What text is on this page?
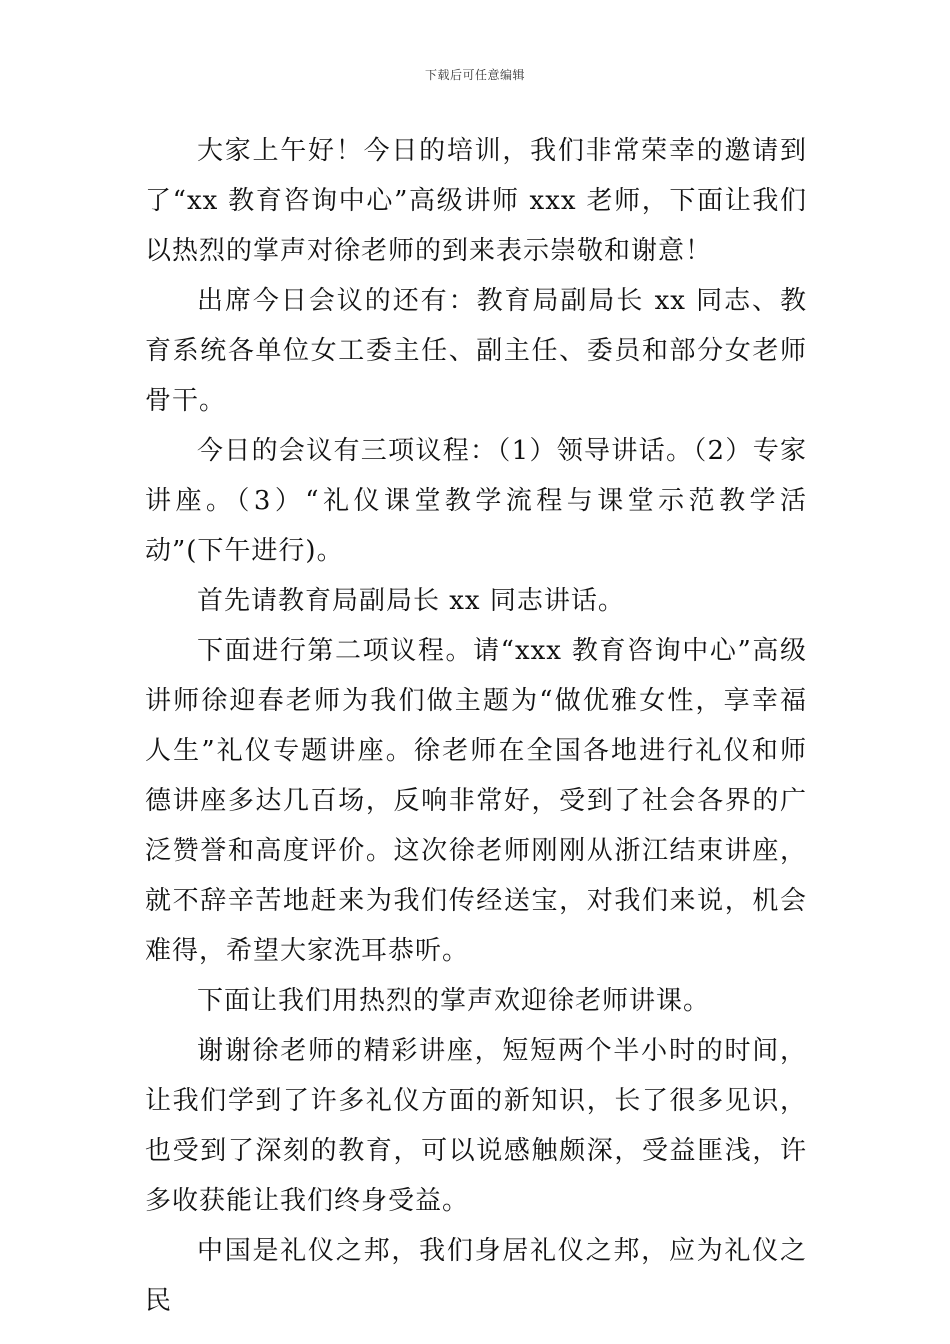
下载后可任意编辑

大家上午好！今日的培训，我们非常荣幸的邀请到了“xx 教育咨询中心”高级讲师 xxx 老师，下面让我们以热烈的掌声对徐老师的到来表示崇敬和谢意！

出席今日会议的还有：教育局副局长 xx 同志、教育系统各单位女工委主任、副主任、委员和部分女老师骨干。

今日的会议有三项议程：（1）领导讲话。（2）专家讲座。（3）“礼仪课堂教学流程与课堂示范教学活动”(下午进行)。

首先请教育局副局长 xx 同志讲话。

下面进行第二项议程。请“xxx 教育咨询中心”高级讲师徐迎春老师为我们做主题为“做优雅女性，享幸福人生”礼仪专题讲座。徐老师在全国各地进行礼仪和师德讲座多达几百场，反响非常好，受到了社会各界的广泛赞誉和高度评价。这次徐老师刚刚从浙江结束讲座，就不辞辛苦地赶来为我们传经送宝，对我们来说，机会难得，希望大家洗耳恭听。

下面让我们用热烈的掌声欢迎徐老师讲课。

谢谢徐老师的精彩讲座，短短两个半小时的时间，让我们学到了许多礼仪方面的新知识，长了很多见识，也受到了深刻的教育，可以说感触颇深，受益匪浅，许多收获能让我们终身受益。

中国是礼仪之邦，我们身居礼仪之邦，应为礼仪之民
